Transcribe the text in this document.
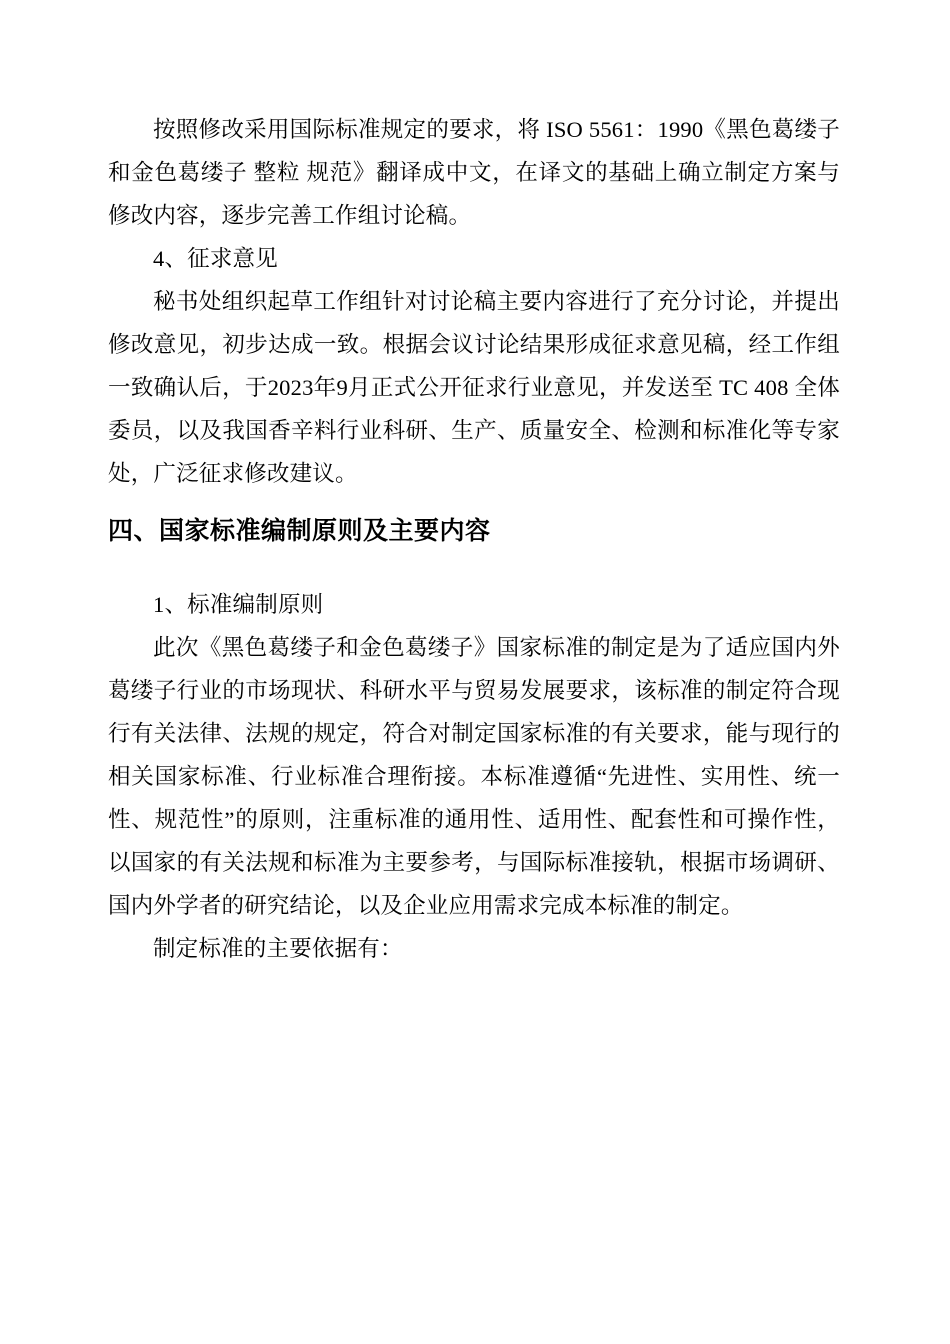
按照修改采用国际标准规定的要求，将 ISO 5561：1990《黑色葛缕子和金色葛缕子 整粒 规范》翻译成中文，在译文的基础上确立制定方案与修改内容，逐步完善工作组讨论稿。

4、征求意见

秘书处组织起草工作组针对讨论稿主要内容进行了充分讨论，并提出修改意见，初步达成一致。根据会议讨论结果形成征求意见稿，经工作组一致确认后，于2023年9月正式公开征求行业意见，并发送至 TC 408 全体委员，以及我国香辛料行业科研、生产、质量安全、检测和标准化等专家处，广泛征求修改建议。

四、国家标准编制原则及主要内容

1、标准编制原则

此次《黑色葛缕子和金色葛缕子》国家标准的制定是为了适应国内外葛缕子行业的市场现状、科研水平与贸易发展要求，该标准的制定符合现行有关法律、法规的规定，符合对制定国家标准的有关要求，能与现行的相关国家标准、行业标准合理衔接。本标准遵循“先进性、实用性、统一性、规范性”的原则，注重标准的通用性、适用性、配套性和可操作性，以国家的有关法规和标准为主要参考，与国际标准接轨，根据市场调研、国内外学者的研究结论，以及企业应用需求完成本标准的制定。

制定标准的主要依据有：
